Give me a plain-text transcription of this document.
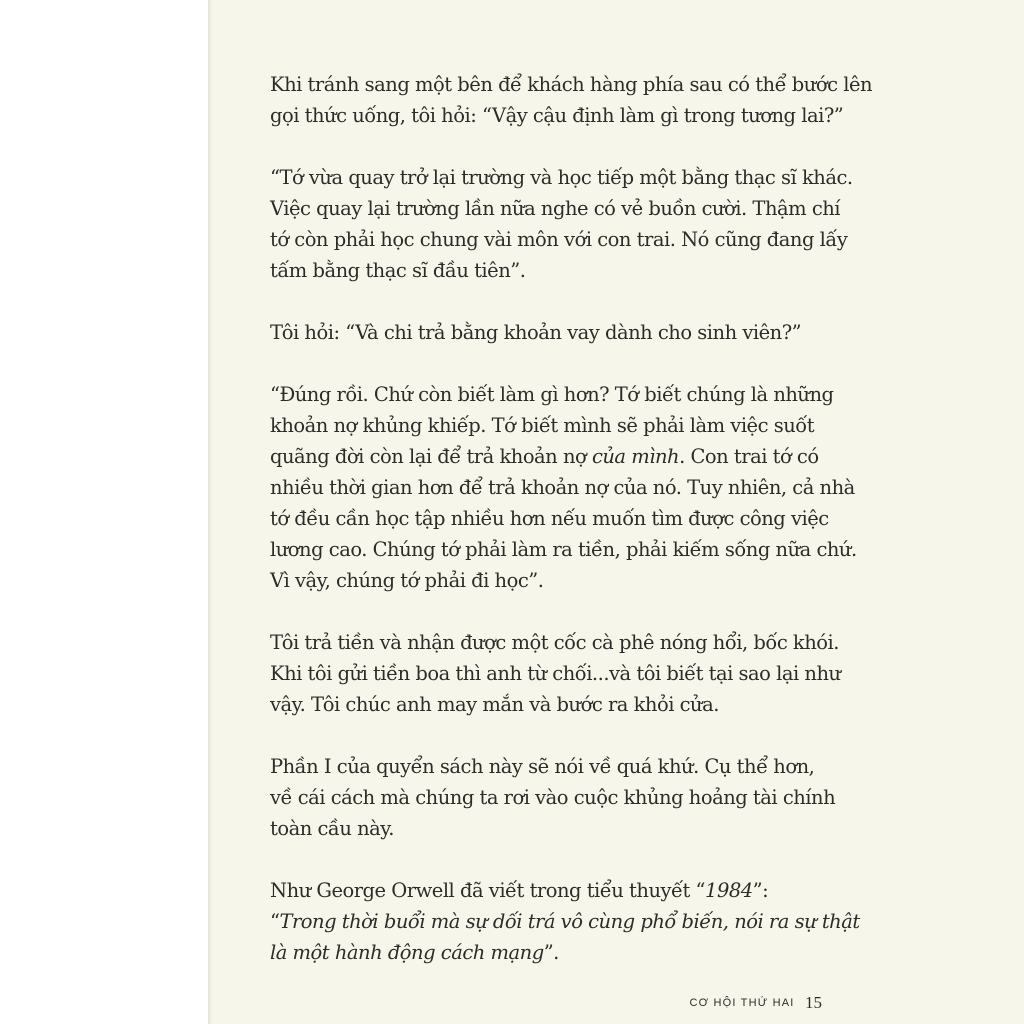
Khi tránh sang một bên để khách hàng phía sau có thể bước lên
gọi thức uống, tôi hỏi: “Vậy cậu định làm gì trong tương lai?”
“Tớ vừa quay trở lại trường và học tiếp một bằng thạc sĩ khác.
Việc quay lại trường lần nữa nghe có vẻ buồn cười. Thậm chí
tớ còn phải học chung vài môn với con trai. Nó cũng đang lấy
tấm bằng thạc sĩ đầu tiên”.
Tôi hỏi: “Và chi trả bằng khoản vay dành cho sinh viên?”
“Đúng rồi. Chứ còn biết làm gì hơn? Tớ biết chúng là những
khoản nợ khủng khiếp. Tớ biết mình sẽ phải làm việc suốt
quãng đời còn lại để trả khoản nợ của mình. Con trai tớ có
nhiều thời gian hơn để trả khoản nợ của nó. Tuy nhiên, cả nhà
tớ đều cần học tập nhiều hơn nếu muốn tìm được công việc
lương cao. Chúng tớ phải làm ra tiền, phải kiếm sống nữa chứ.
Vì vậy, chúng tớ phải đi học”.
Tôi trả tiền và nhận được một cốc cà phê nóng hổi, bốc khói.
Khi tôi gửi tiền boa thì anh từ chối...và tôi biết tại sao lại như
vậy. Tôi chúc anh may mắn và bước ra khỏi cửa.
Phần I của quyển sách này sẽ nói về quá khứ. Cụ thể hơn,
về cái cách mà chúng ta rơi vào cuộc khủng hoảng tài chính
toàn cầu này.
Như George Orwell đã viết trong tiểu thuyết “1984”:
“Trong thời buổi mà sự dối trá vô cùng phổ biến, nói ra sự thật
là một hành động cách mạng”.
CƠ HỘI THỨ HAI 15
